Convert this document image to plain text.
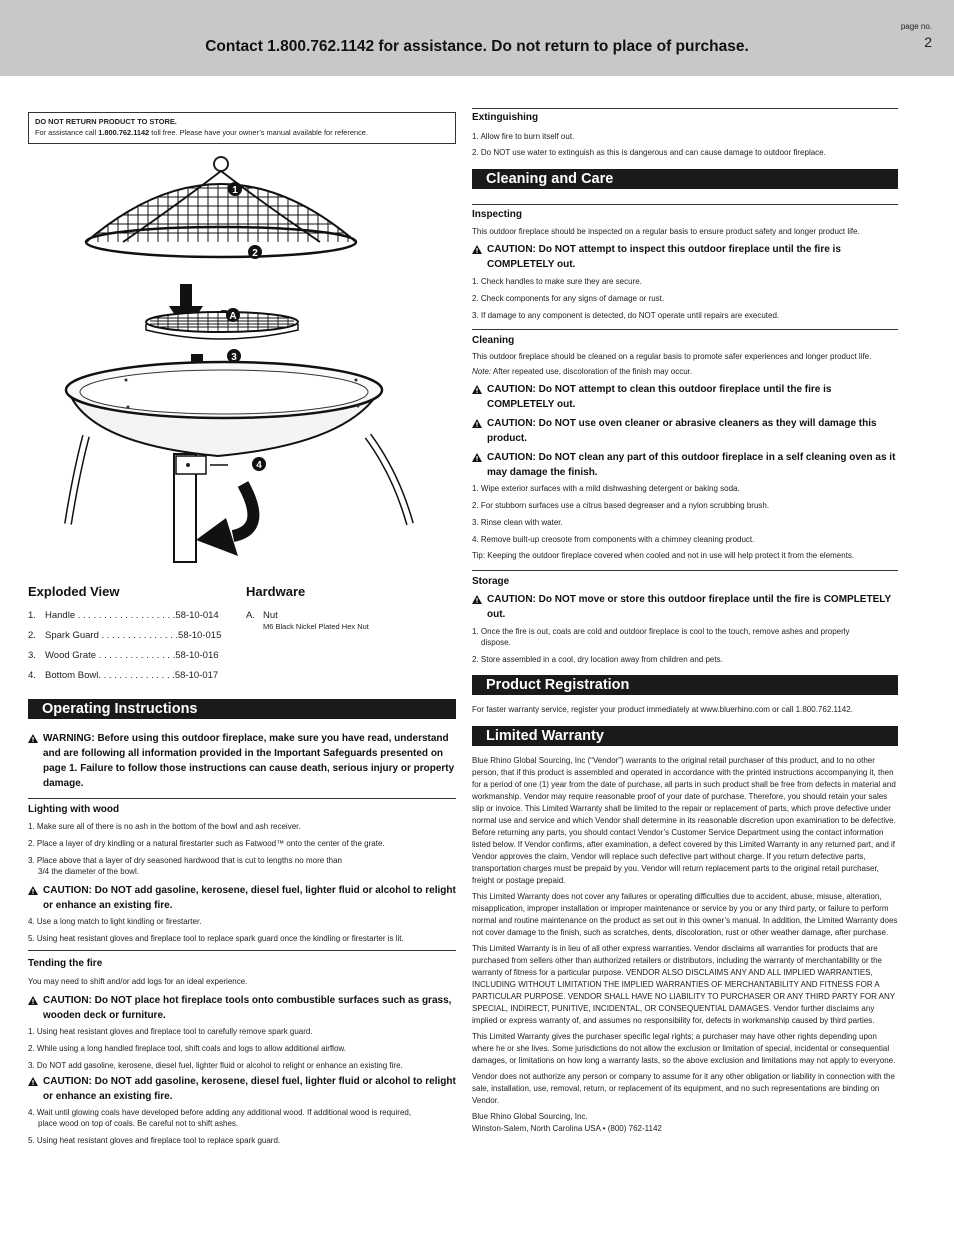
Contact 1.800.762.1142 for assistance. Do not return to place of purchase.
page no.
2
DO NOT RETURN PRODUCT TO STORE.
For assistance call 1.800.762.1142 toll free. Please have your owner’s manual available for reference.
1
2
A
3
4
Exploded View
1. Handle . . . . . . . . . . . . . . . . . . .58-10-014
2. Spark Guard . . . . . . . . . . . . . . .58-10-015
3. Wood Grate . . . . . . . . . . . . . . .58-10-016
4. Bottom Bowl. . . . . . . . . . . . . . .58-10-017
Hardware
A. Nut
M6 Black Nickel Plated Hex Nut
Operating Instructions
WARNING: Before using this outdoor fireplace, make sure you have read, understand and are following all information provided in the Important Safeguards presented on page 1. Failure to follow those instructions can cause death, serious injury or property damage.
Lighting with wood
1. Make sure all of there is no ash in the bottom of the bowl and ash receiver.
2. Place a layer of dry kindling or a natural firestarter such as Fatwood™ onto the center of the grate.
3. Place above that a layer of dry seasoned hardwood that is cut to lengths no more than
3/4 the diameter of the bowl.
CAUTION: Do NOT add gasoline, kerosene, diesel fuel, lighter fluid or alcohol to relight or enhance an existing fire.
4. Use a long match to light kindling or firestarter.
5. Using heat resistant gloves and fireplace tool to replace spark guard once the kindling or firestarter is lit.
Tending the fire
You may need to shift and/or add logs for an ideal experience.
CAUTION: Do NOT place hot fireplace tools onto combustible surfaces such as grass, wooden deck or furniture.
1. Using heat resistant gloves and fireplace tool to carefully remove spark guard.
2. While using a long handled fireplace tool, shift coals and logs to allow additional airflow.
3. Do NOT add gasoline, kerosene, diesel fuel, lighter fluid or alcohol to relight or enhance an existing fire.
CAUTION: Do NOT add gasoline, kerosene, diesel fuel, lighter fluid or alcohol to relight or enhance an existing fire.
4. Wait until glowing coals have developed before adding any additional wood. If additional wood is required,
place wood on top of coals. Be careful not to shift ashes.
5. Using heat resistant gloves and fireplace tool to replace spark guard.
Extinguishing
1. Allow fire to burn itself out.
2. Do NOT use water to extinguish as this is dangerous and can cause damage to outdoor fireplace.
Cleaning and Care
Inspecting
This outdoor fireplace should be inspected on a regular basis to ensure product safety and longer product life.
CAUTION: Do NOT attempt to inspect this outdoor fireplace until the fire is COMPLETELY out.
1. Check handles to make sure they are secure.
2. Check components for any signs of damage or rust.
3. If damage to any component is detected, do NOT operate until repairs are executed.
Cleaning
This outdoor fireplace should be cleaned on a regular basis to promote safer experiences and longer product life.
Note: After repeated use, discoloration of the finish may occur.
CAUTION: Do NOT attempt to clean this outdoor fireplace until the fire is COMPLETELY out.
CAUTION: Do NOT use oven cleaner or abrasive cleaners as they will damage this product.
CAUTION: Do NOT clean any part of this outdoor fireplace in a self cleaning oven as it may damage the finish.
1. Wipe exterior surfaces with a mild dishwashing detergent or baking soda.
2. For stubborn surfaces use a citrus based degreaser and a nylon scrubbing brush.
3. Rinse clean with water.
4. Remove built-up creosote from components with a chimney cleaning product.
Tip: Keeping the outdoor fireplace covered when cooled and not in use will help protect it from the elements.
Storage
CAUTION: Do NOT move or store this outdoor fireplace until the fire is COMPLETELY out.
1. Once the fire is out, coals are cold and outdoor fireplace is cool to the touch, remove ashes and properly
dispose.
2. Store assembled in a cool, dry location away from children and pets.
Product Registration
For faster warranty service, register your product immediately at www.bluerhino.com or call 1.800.762.1142.
Limited Warranty
Blue Rhino Global Sourcing, Inc (“Vendor”) warrants to the original retail purchaser of this product, and to no other person, that if this product is assembled and operated in accordance with the printed instructions accompanying it, then for a period of one (1) year from the date of purchase, all parts in such product shall be free from defects in material and workmanship. Vendor may require reasonable proof of your date of purchase. Therefore, you should retain your sales slip or invoice. This Limited Warranty shall be limited to the repair or replacement of parts, which prove defective under normal use and service and which Vendor shall determine in its reasonable discretion upon examination to be defective. Before returning any parts, you should contact Vendor’s Customer Service Department using the contact information listed below. If Vendor confirms, after examination, a defect covered by this Limited Warranty in any returned part, and if Vendor approves the claim, Vendor will replace such defective part without charge. If you return defective parts, transportation charges must be prepaid by you. Vendor will return replacement parts to the original retail purchaser, freight or postage prepaid.
This Limited Warranty does not cover any failures or operating difficulties due to accident, abuse, misuse, alteration, misapplication, improper installation or improper maintenance or service by you or any third party, or failure to perform normal and routine maintenance on the product as set out in this owner’s manual. In addition, the Limited Warranty does not cover damage to the finish, such as scratches, dents, discoloration, rust or other weather damage, after purchase.
This Limited Warranty is in lieu of all other express warranties. Vendor disclaims all warranties for products that are purchased from sellers other than authorized retailers or distributors, including the warranty of merchantability or the warranty of fitness for a particular purpose. VENDOR ALSO DISCLAIMS ANY AND ALL IMPLIED WARRANTIES, INCLUDING WITHOUT LIMITATION THE IMPLIED WARRANTIES OF MERCHANTABILITY AND FITNESS FOR A PARTICULAR PURPOSE. VENDOR SHALL HAVE NO LIABILITY TO PURCHASER OR ANY THIRD PARTY FOR ANY SPECIAL, INDIRECT, PUNITIVE, INCIDENTAL, OR CONSEQUENTIAL DAMAGES. Vendor further disclaims any implied or express warranty of, and assumes no responsibility for, defects in workmanship caused by third parties.
This Limited Warranty gives the purchaser specific legal rights; a purchaser may have other rights depending upon where he or she lives. Some jurisdictions do not allow the exclusion or limitation of special, incidental or consequential damages, or limitations on how long a warranty lasts, so the above exclusion and limitations may not apply to everyone.
Vendor does not authorize any person or company to assume for it any other obligation or liability in connection with the sale, installation, use, removal, return, or replacement of its equipment, and no such representations are binding on Vendor.
Blue Rhino Global Sourcing, Inc.
Winston-Salem, North Carolina USA • (800) 762-1142
